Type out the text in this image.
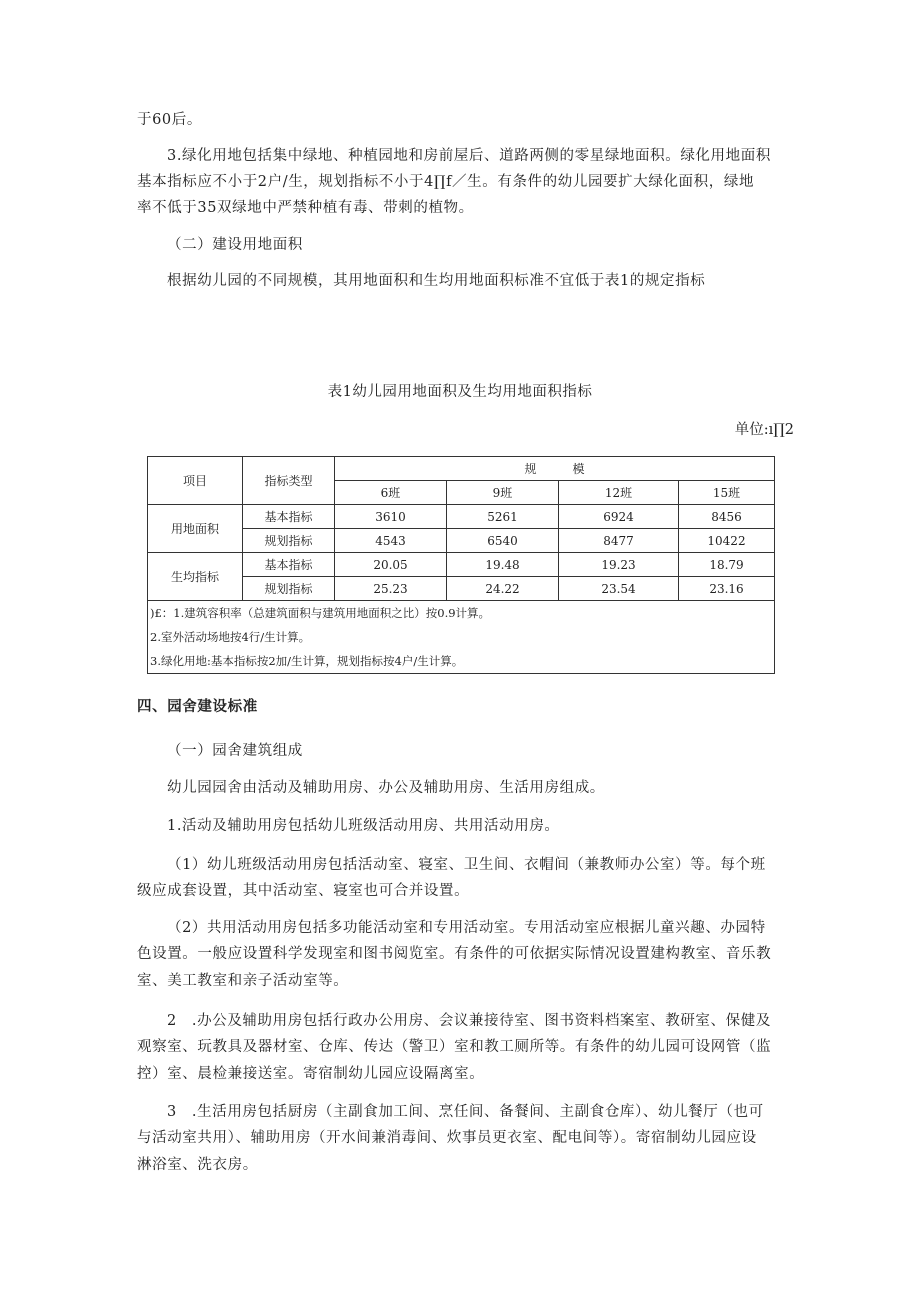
于60后。

3.绿化用地包括集中绿地、种植园地和房前屋后、道路两侧的零星绿地面积。绿化用地面积

基本指标应不小于2户/生，规划指标不小于4∏f／生。有条件的幼儿园要扩大绿化面积，绿地

率不低于35双绿地中严禁种植有毒、带刺的植物。

（二）建设用地面积

根据幼儿园的不同规模，其用地面积和生均用地面积标准不宜低于表1的规定指标

表1幼儿园用地面积及生均用地面积指标
单位:ı∏2
项目	指标类型	规　　　模			
		6班	9班	12班	15班
用地面积	基本指标	3610	5261	6924	8456
	规划指标	4543	6540	8477	10422
生均指标	基本指标	20.05	19.48	19.23	18.79
	规划指标	25.23	24.22	23.54	23.16
)£：1.建筑容积率（总建筑面积与建筑用地面积之比）按0.9计算。					
2.室外活动场地按4行/生计算。					
3.绿化用地:基本指标按2加/生计算，规划指标按4户/生计算。					

四、园舍建设标准

（一）园舍建筑组成

幼儿园园舍由活动及辅助用房、办公及辅助用房、生活用房组成。

1.活动及辅助用房包括幼儿班级活动用房、共用活动用房。

（1）幼儿班级活动用房包括活动室、寝室、卫生间、衣帽间（兼教师办公室）等。每个班

级应成套设置，其中活动室、寝室也可合并设置。

（2）共用活动用房包括多功能活动室和专用活动室。专用活动室应根据儿童兴趣、办园特

色设置。一般应设置科学发现室和图书阅览室。有条件的可依据实际情况设置建构教室、音乐教

室、美工教室和亲子活动室等。

2　.办公及辅助用房包括行政办公用房、会议兼接待室、图书资料档案室、教研室、保健及

观察室、玩教具及器材室、仓库、传达（警卫）室和教工厕所等。有条件的幼儿园可设网管（监

控）室、晨检兼接送室。寄宿制幼儿园应设隔离室。

3　.生活用房包括厨房（主副食加工间、烹任间、备餐间、主副食仓库）、幼儿餐厅（也可

与活动室共用）、辅助用房（开水间兼消毒间、炊事员更衣室、配电间等）。寄宿制幼儿园应设

淋浴室、洗衣房。
